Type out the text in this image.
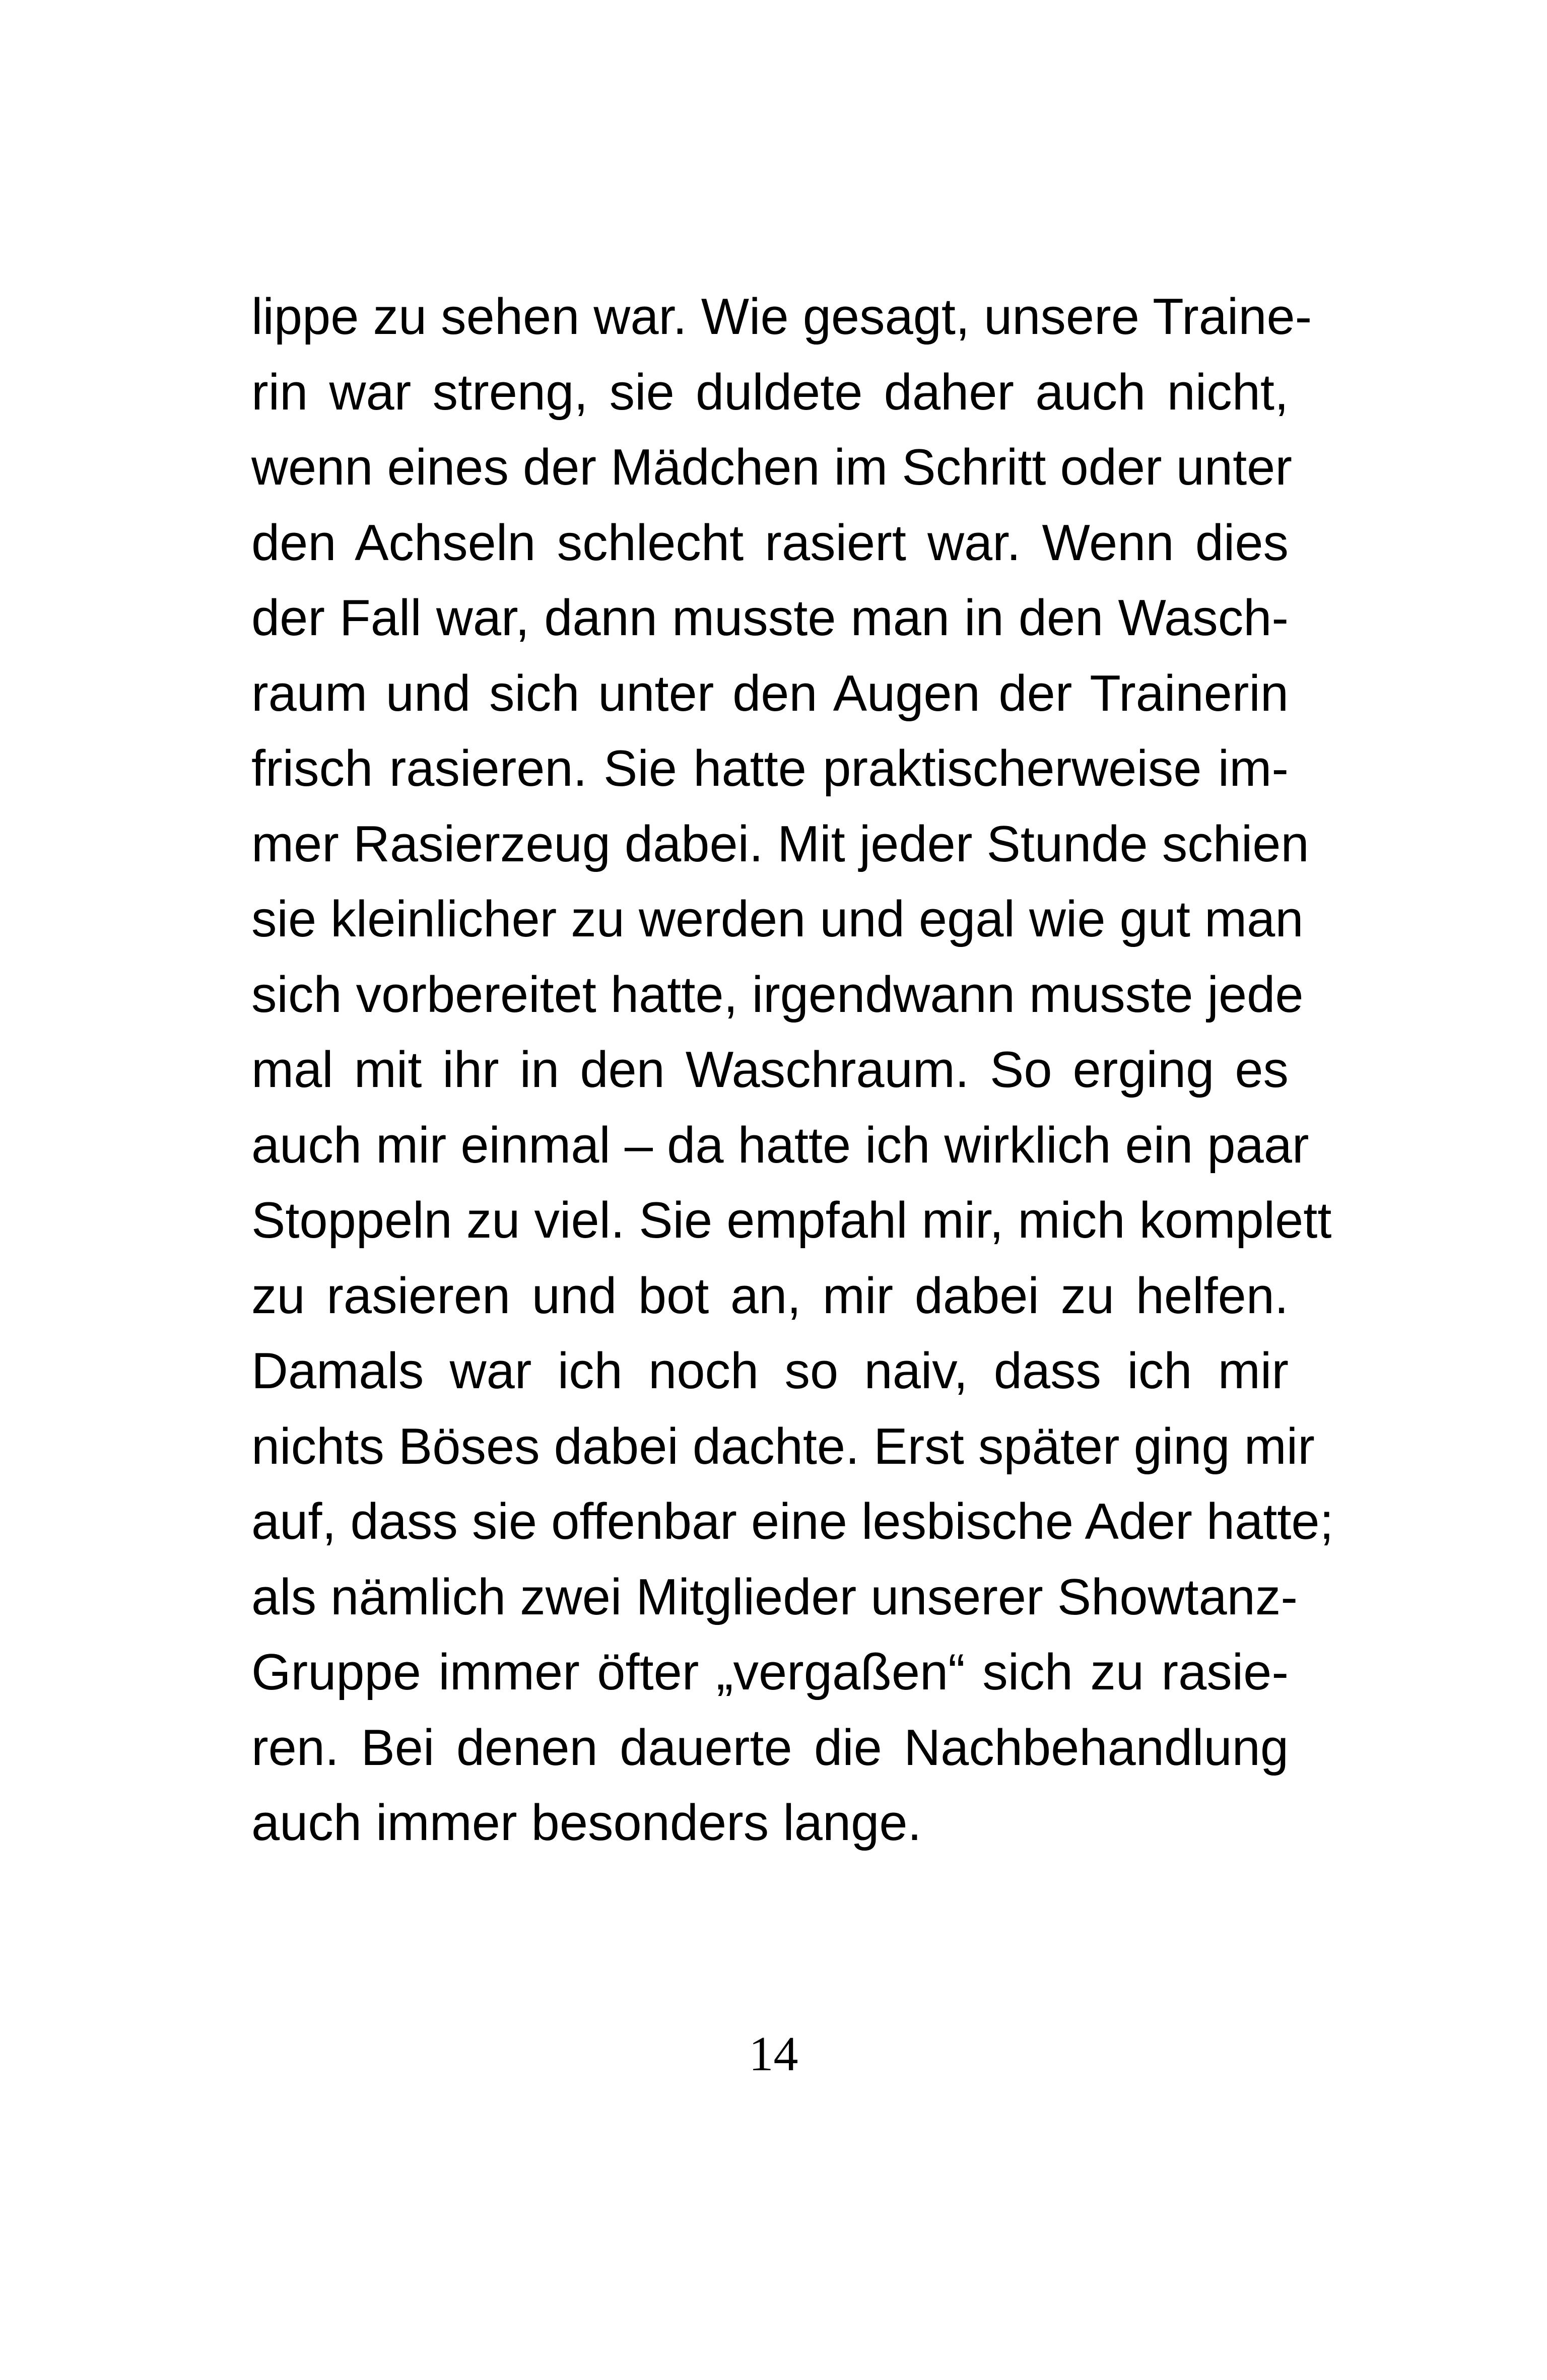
lippe zu sehen war. Wie gesagt, unsere Traine-
rin war streng, sie duldete daher auch nicht,
wenn eines der Mädchen im Schritt oder unter
den Achseln schlecht rasiert war. Wenn dies
der Fall war, dann musste man in den Wasch-
raum und sich unter den Augen der Trainerin
frisch rasieren. Sie hatte praktischerweise im-
mer Rasierzeug dabei. Mit jeder Stunde schien
sie kleinlicher zu werden und egal wie gut man
sich vorbereitet hatte, irgendwann musste jede
mal mit ihr in den Waschraum. So erging es
auch mir einmal – da hatte ich wirklich ein paar
Stoppeln zu viel. Sie empfahl mir, mich komplett
zu rasieren und bot an, mir dabei zu helfen.
Damals war ich noch so naiv, dass ich mir
nichts Böses dabei dachte. Erst später ging mir
auf, dass sie offenbar eine lesbische Ader hatte;
als nämlich zwei Mitglieder unserer Showtanz-
Gruppe immer öfter „vergaßen“ sich zu rasie-
ren. Bei denen dauerte die Nachbehandlung
auch immer besonders lange.
14
